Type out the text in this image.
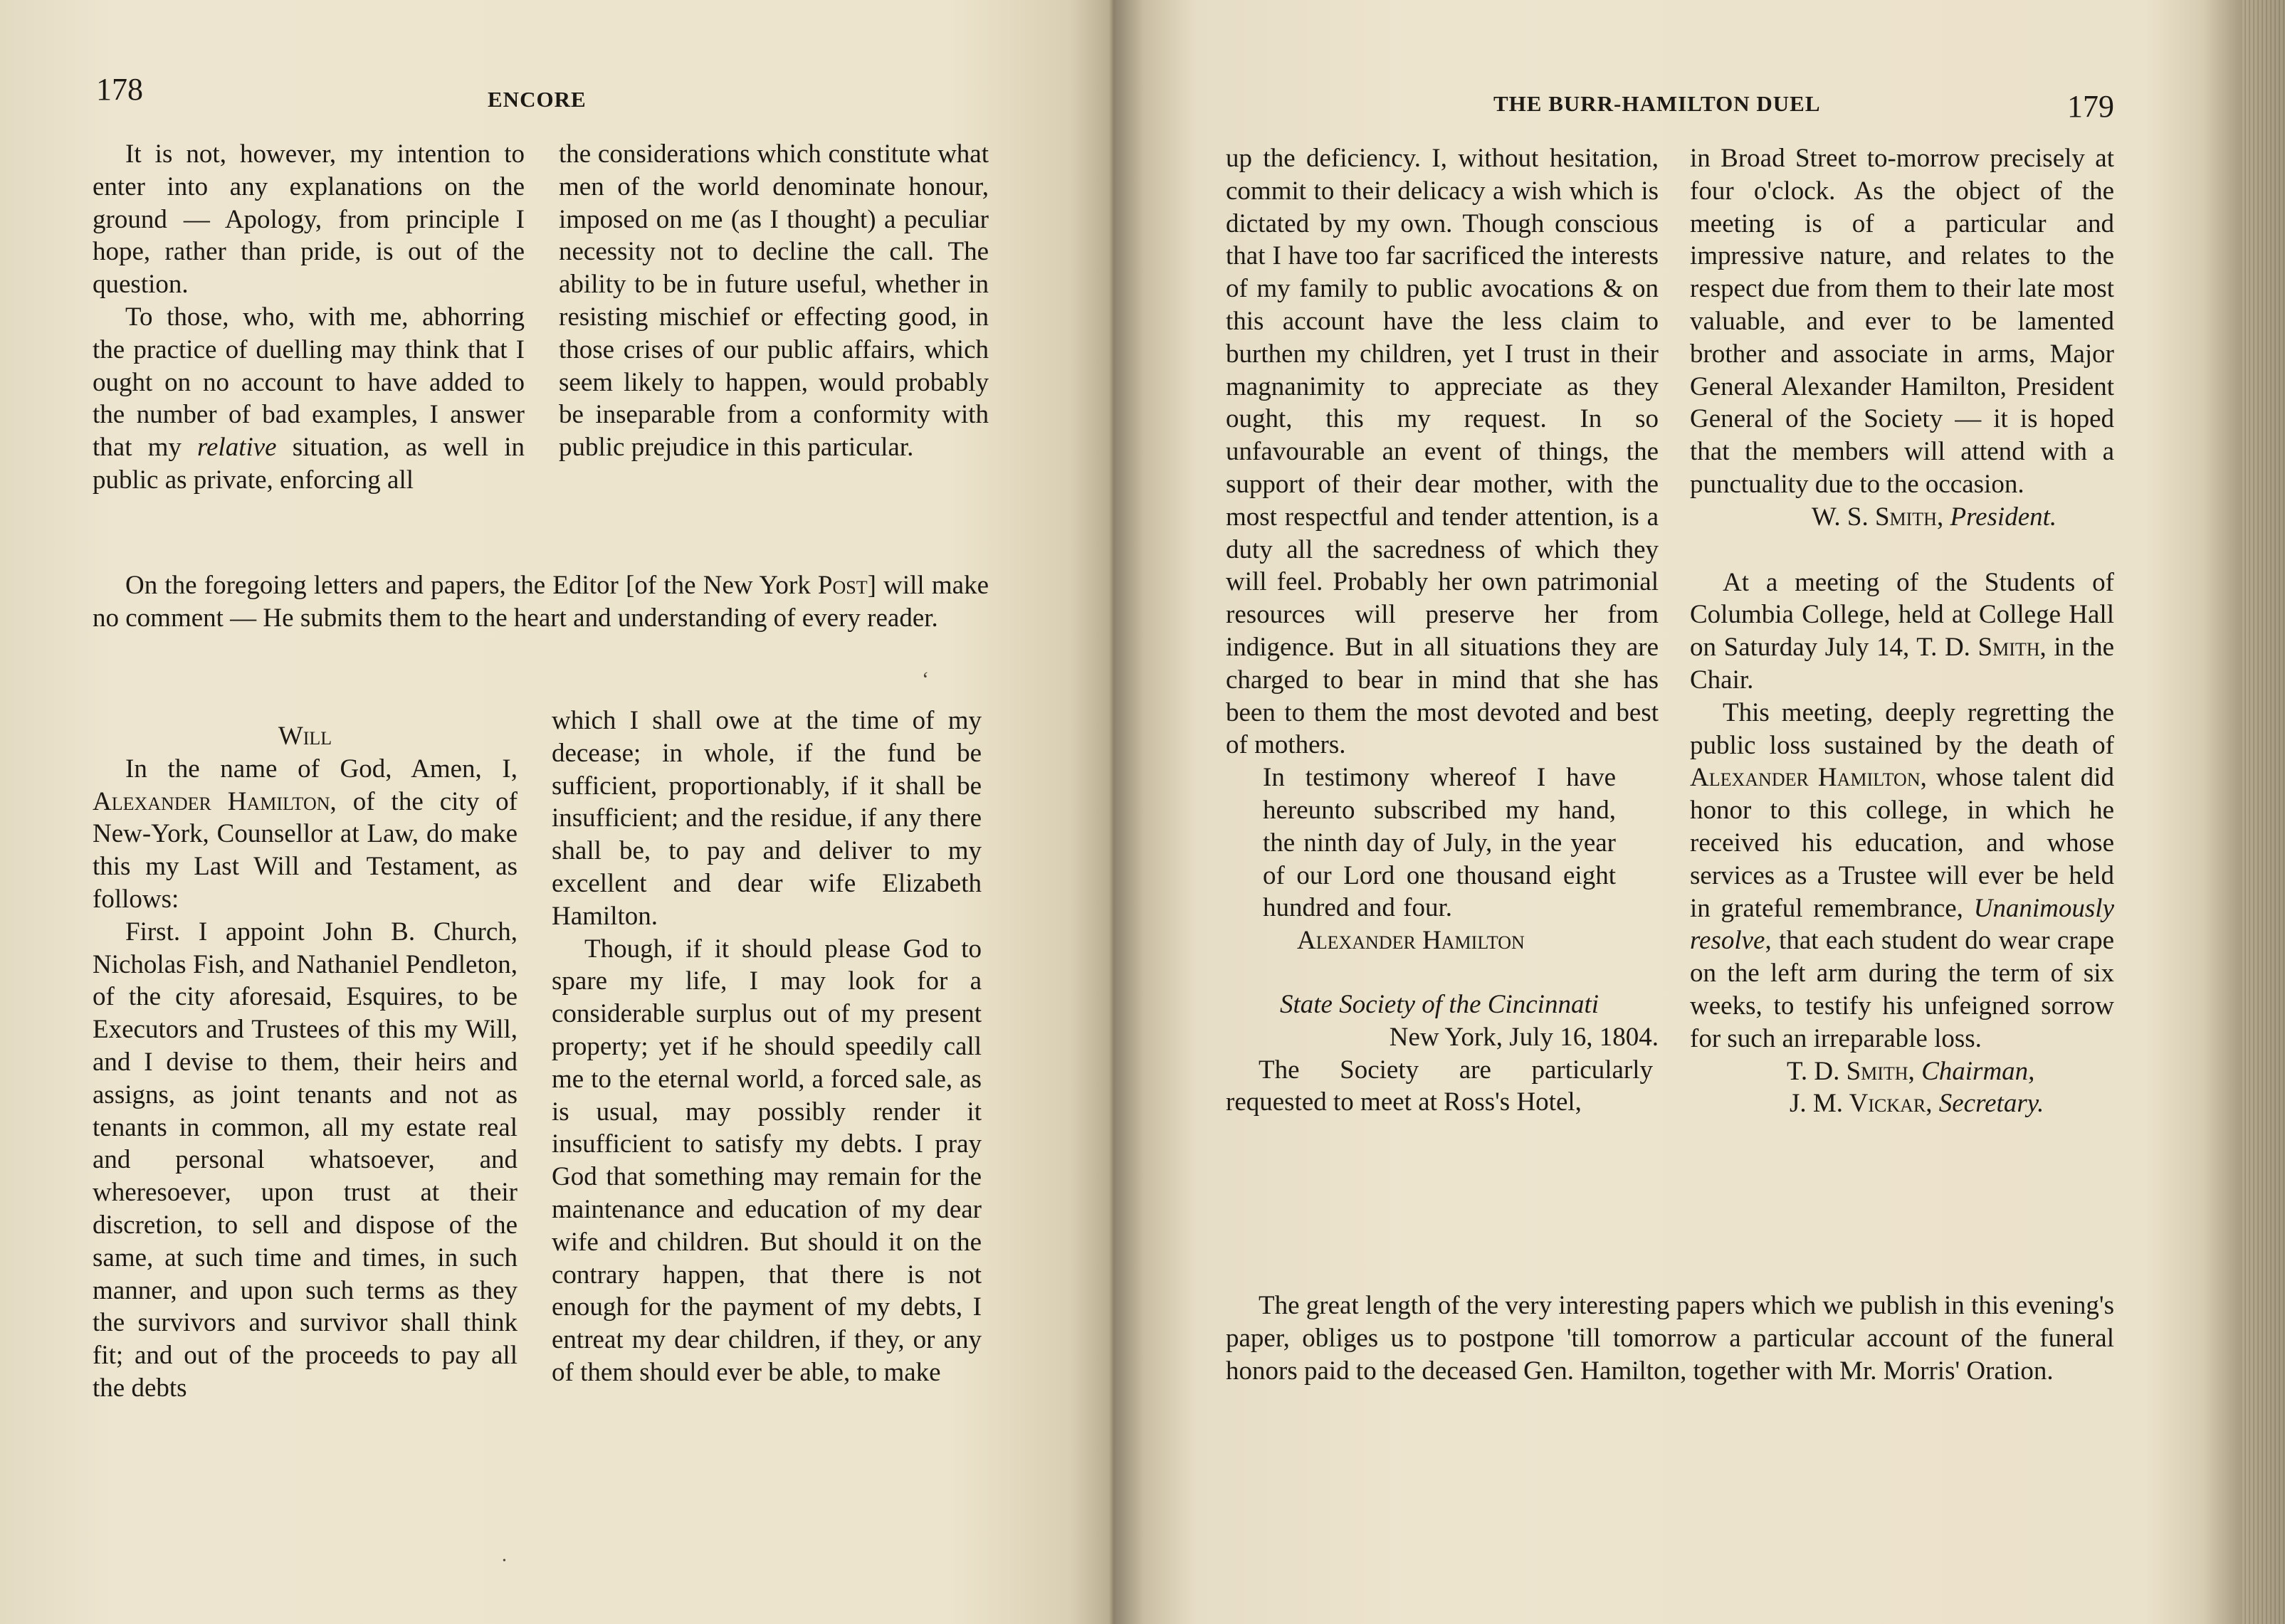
178	ENCORE

It is not, however, my intention to enter into any explanations on the ground — Apology, from principle I hope, rather than pride, is out of the question.

To those, who, with me, abhorring the practice of duelling may think that I ought on no account to have added to the number of bad examples, I answer that my relative situation, as well in public as private, enforcing all

the considerations which constitute what men of the world denominate honour, imposed on me (as I thought) a peculiar necessity not to decline the call. The ability to be in future useful, whether in resisting mischief or effecting good, in those crises of our public affairs, which seem likely to happen, would probably be inseparable from a conformity with public prejudice in this particular.

On the foregoing letters and papers, the Editor [of the New York Post] will make no comment — He submits them to the heart and understanding of every reader.

‘

Will

In the name of God, Amen, I, Alexander Hamilton, of the city of New-York, Counsellor at Law, do make this my Last Will and Testament, as follows:

First. I appoint John B. Church, Nicholas Fish, and Nathaniel Pendleton, of the city aforesaid, Esquires, to be Executors and Trustees of this my Will, and I devise to them, their heirs and assigns, as joint tenants and not as tenants in common, all my estate real and personal whatsoever, and wheresoever, upon trust at their discretion, to sell and dispose of the same, at such time and times, in such manner, and upon such terms as they the survivors and survivor shall think fit; and out of the proceeds to pay all the debts

which I shall owe at the time of my decease; in whole, if the fund be sufficient, proportionably, if it shall be insufficient; and the residue, if any there shall be, to pay and deliver to my excellent and dear wife Elizabeth Hamilton.

Though, if it should please God to spare my life, I may look for a considerable surplus out of my present property; yet if he should speedily call me to the eternal world, a forced sale, as is usual, may possibly render it insufficient to satisfy my debts. I pray God that something may remain for the maintenance and education of my dear wife and children. But should it on the contrary happen, that there is not enough for the payment of my debts, I entreat my dear children, if they, or any of them should ever be able, to make

•
THE BURR-HAMILTON DUEL	179

up the deficiency. I, without hesitation, commit to their delicacy a wish which is dictated by my own. Though conscious that I have too far sacrificed the interests of my family to public avocations & on this account have the less claim to burthen my children, yet I trust in their magnanimity to appreciate as they ought, this my request. In so unfavourable an event of things, the support of their dear mother, with the most respectful and tender attention, is a duty all the sacredness of which they will feel. Probably her own patrimonial resources will preserve her from indigence. But in all situations they are charged to bear in mind that she has been to them the most devoted and best of mothers.

In testimony whereof I have hereunto subscribed my hand, the ninth day of July, in the year of our Lord one thousand eight hundred and four.

Alexander Hamilton

State Society of the Cincinnati

New York, July 16, 1804.

The Society are particularly requested to meet at Ross's Hotel,

in Broad Street to-morrow precisely at four o'clock. As the object of the meeting is of a particular and impressive nature, and relates to the respect due from them to their late most valuable, and ever to be lamented brother and associate in arms, Major General Alexander Hamilton, President General of the Society — it is hoped that the members will attend with a punctuality due to the occasion.

W. S. Smith, President.

At a meeting of the Students of Columbia College, held at College Hall on Saturday July 14, T. D. Smith, in the Chair.

This meeting, deeply regretting the public loss sustained by the death of Alexander Hamilton, whose talent did honor to this college, in which he received his education, and whose services as a Trustee will ever be held in grateful remembrance, Unanimously resolve, that each student do wear crape on the left arm during the term of six weeks, to testify his unfeigned sorrow for such an irreparable loss.

T. D. Smith, Chairman,

J. M. Vickar, Secretary.

The great length of the very interesting papers which we publish in this evening's paper, obliges us to postpone 'till tomorrow a particular account of the funeral honors paid to the deceased Gen. Hamilton, together with Mr. Morris' Oration.
